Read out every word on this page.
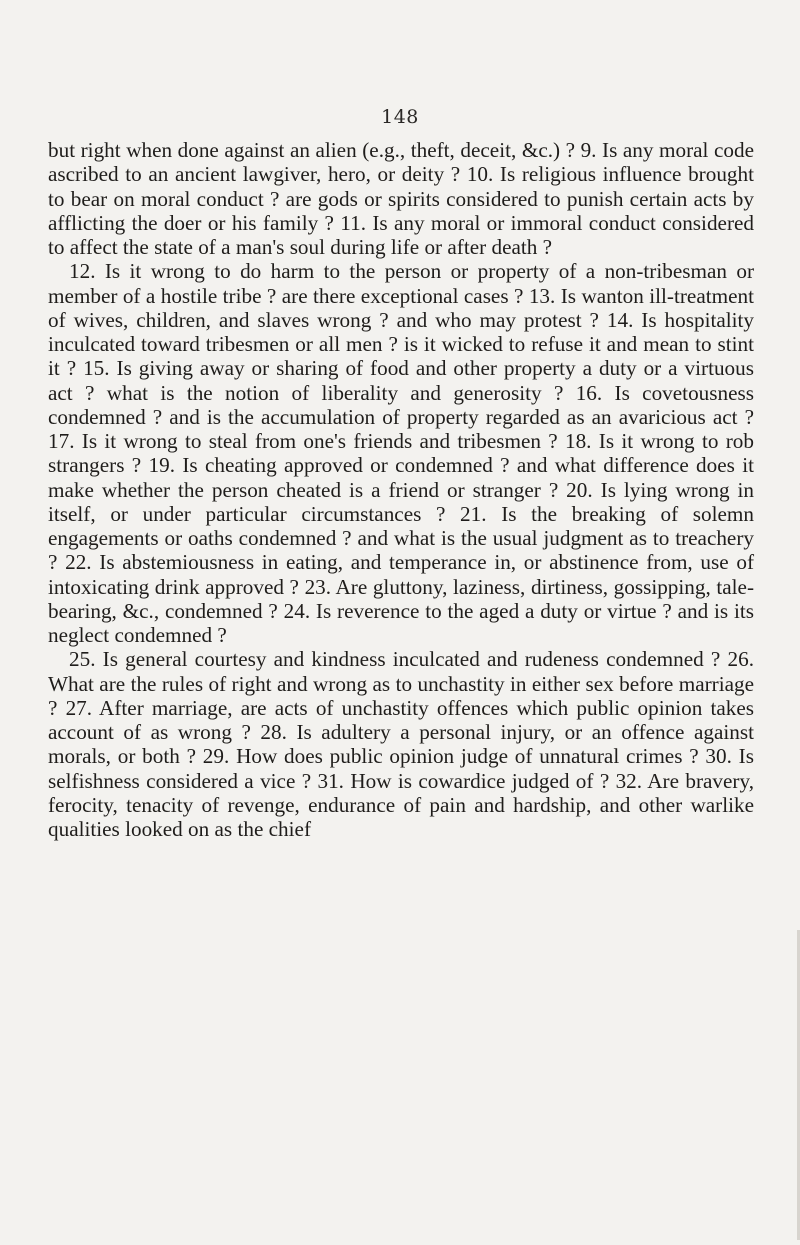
148

but right when done against an alien (e.g., theft, deceit, &c.) ? 9. Is any moral code ascribed to an ancient lawgiver, hero, or deity ? 10. Is religious influence brought to bear on moral conduct ? are gods or spirits considered to punish certain acts by afflicting the doer or his family ? 11. Is any moral or immoral conduct considered to affect the state of a man's soul during life or after death ?

12. Is it wrong to do harm to the person or property of a non-tribesman or member of a hostile tribe ? are there exceptional cases ? 13. Is wanton ill-treatment of wives, children, and slaves wrong ? and who may protest ? 14. Is hospitality inculcated toward tribesmen or all men ? is it wicked to refuse it and mean to stint it ? 15. Is giving away or sharing of food and other property a duty or a virtuous act ? what is the notion of liberality and generosity ? 16. Is covetousness condemned ? and is the accumulation of property regarded as an avaricious act ? 17. Is it wrong to steal from one's friends and tribesmen ? 18. Is it wrong to rob strangers ? 19. Is cheating approved or condemned ? and what difference does it make whether the person cheated is a friend or stranger ? 20. Is lying wrong in itself, or under particular circumstances ? 21. Is the breaking of solemn engagements or oaths condemned ? and what is the usual judgment as to treachery ? 22. Is abstemiousness in eating, and temperance in, or abstinence from, use of intoxicating drink approved ? 23. Are gluttony, laziness, dirtiness, gossipping, tale-bearing, &c., condemned ? 24. Is reverence to the aged a duty or virtue ? and is its neglect condemned ?

25. Is general courtesy and kindness inculcated and rudeness condemned ? 26. What are the rules of right and wrong as to unchastity in either sex before marriage ? 27. After marriage, are acts of unchastity offences which public opinion takes account of as wrong ? 28. Is adultery a personal injury, or an offence against morals, or both ? 29. How does public opinion judge of unnatural crimes ? 30. Is selfishness considered a vice ? 31. How is cowardice judged of ? 32. Are bravery, ferocity, tenacity of revenge, endurance of pain and hardship, and other warlike qualities looked on as the chief
